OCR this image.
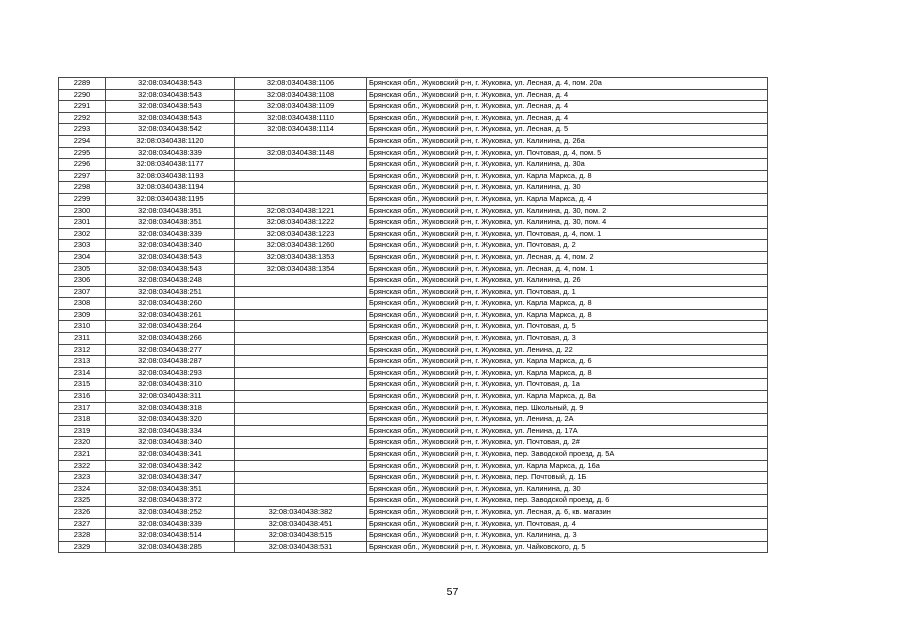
2289	32:08:0340438:543	32:08:0340438:1106	Брянская обл., Жуковский р-н, г. Жуковка, ул. Лесная, д. 4, пом. 20а
2290	32:08:0340438:543	32:08:0340438:1108	Брянская обл., Жуковский р-н, г. Жуковка, ул. Лесная, д. 4
2291	32:08:0340438:543	32:08:0340438:1109	Брянская обл., Жуковский р-н, г. Жуковка, ул. Лесная, д. 4
2292	32:08:0340438:543	32:08:0340438:1110	Брянская обл., Жуковский р-н, г. Жуковка, ул. Лесная, д. 4
2293	32:08:0340438:542	32:08:0340438:1114	Брянская обл., Жуковский р-н, г. Жуковка, ул. Лесная, д. 5
2294	32:08:0340438:1120		Брянская обл., Жуковский р-н, г. Жуковка, ул. Калинина, д. 26а
2295	32:08:0340438:339	32:08:0340438:1148	Брянская обл., Жуковский р-н, г. Жуковка, ул. Почтовая, д. 4, пом. 5
2296	32:08:0340438:1177		Брянская обл., Жуковский р-н, г. Жуковка, ул. Калинина, д. 30а
2297	32:08:0340438:1193		Брянская обл., Жуковский р-н, г. Жуковка, ул. Карла Маркса, д. 8
2298	32:08:0340438:1194		Брянская обл., Жуковский р-н, г. Жуковка, ул. Калинина, д. 30
2299	32:08:0340438:1195		Брянская обл., Жуковский р-н, г. Жуковка, ул. Карла Маркса, д. 4
2300	32:08:0340438:351	32:08:0340438:1221	Брянская обл., Жуковский р-н, г. Жуковка, ул. Калинина, д. 30, пом. 2
2301	32:08:0340438:351	32:08:0340438:1222	Брянская обл., Жуковский р-н, г. Жуковка, ул. Калинина, д. 30, пом. 4
2302	32:08:0340438:339	32:08:0340438:1223	Брянская обл., Жуковский р-н, г. Жуковка, ул. Почтовая, д. 4, пом. 1
2303	32:08:0340438:340	32:08:0340438:1260	Брянская обл., Жуковский р-н, г. Жуковка, ул. Почтовая, д. 2
2304	32:08:0340438:543	32:08:0340438:1353	Брянская обл., Жуковский р-н, г. Жуковка, ул. Лесная, д. 4, пом. 2
2305	32:08:0340438:543	32:08:0340438:1354	Брянская обл., Жуковский р-н, г. Жуковка, ул. Лесная, д. 4, пом. 1
2306	32:08:0340438:248		Брянская обл., Жуковский р-н, г. Жуковка, ул. Калинина, д. 26
2307	32:08:0340438:251		Брянская обл., Жуковский р-н, г. Жуковка, ул. Почтовая, д. 1
2308	32:08:0340438:260		Брянская обл., Жуковский р-н, г. Жуковка, ул. Карла Маркса, д. 8
2309	32:08:0340438:261		Брянская обл., Жуковский р-н, г. Жуковка, ул. Карла Маркса, д. 8
2310	32:08:0340438:264		Брянская обл., Жуковский р-н, г. Жуковка, ул. Почтовая, д. 5
2311	32:08:0340438:266		Брянская обл., Жуковский р-н, г. Жуковка, ул. Почтовая, д. 3
2312	32:08:0340438:277		Брянская обл., Жуковский р-н, г. Жуковка, ул. Ленина, д. 22
2313	32:08:0340438:287		Брянская обл., Жуковский р-н, г. Жуковка, ул. Карла Маркса, д. 6
2314	32:08:0340438:293		Брянская обл., Жуковский р-н, г. Жуковка, ул. Карла Маркса, д. 8
2315	32:08:0340438:310		Брянская обл., Жуковский р-н, г. Жуковка, ул. Почтовая, д. 1а
2316	32:08:0340438:311		Брянская обл., Жуковский р-н, г. Жуковка, ул. Карла Маркса, д. 8а
2317	32:08:0340438:318		Брянская обл., Жуковский р-н, г. Жуковка, пер. Школьный, д. 9
2318	32:08:0340438:320		Брянская обл., Жуковский р-н, г. Жуковка, ул. Ленина, д. 2А
2319	32:08:0340438:334		Брянская обл., Жуковский р-н, г. Жуковка, ул. Ленина, д. 17А
2320	32:08:0340438:340		Брянская обл., Жуковский р-н, г. Жуковка, ул. Почтовая, д. 2#
2321	32:08:0340438:341		Брянская обл., Жуковский р-н, г. Жуковка, пер. Заводской проезд, д. 5А
2322	32:08:0340438:342		Брянская обл., Жуковский р-н, г. Жуковка, ул. Карла Маркса, д. 16а
2323	32:08:0340438:347		Брянская обл., Жуковский р-н, г. Жуковка, пер. Почтовый, д. 1Б
2324	32:08:0340438:351		Брянская обл., Жуковский р-н, г. Жуковка, ул. Калинина, д. 30
2325	32:08:0340438:372		Брянская обл., Жуковский р-н, г. Жуковка, пер. Заводской проезд, д. 6
2326	32:08:0340438:252	32:08:0340438:382	Брянская обл., Жуковский р-н, г. Жуковка, ул. Лесная, д. 6, кв. магазин
2327	32:08:0340438:339	32:08:0340438:451	Брянская обл., Жуковский р-н, г. Жуковка, ул. Почтовая, д. 4
2328	32:08:0340438:514	32:08:0340438:515	Брянская обл., Жуковский р-н, г. Жуковка, ул. Калинина, д. 3
2329	32:08:0340438:285	32:08:0340438:531	Брянская обл., Жуковский р-н, г. Жуковка, ул. Чайковского, д. 5
57
